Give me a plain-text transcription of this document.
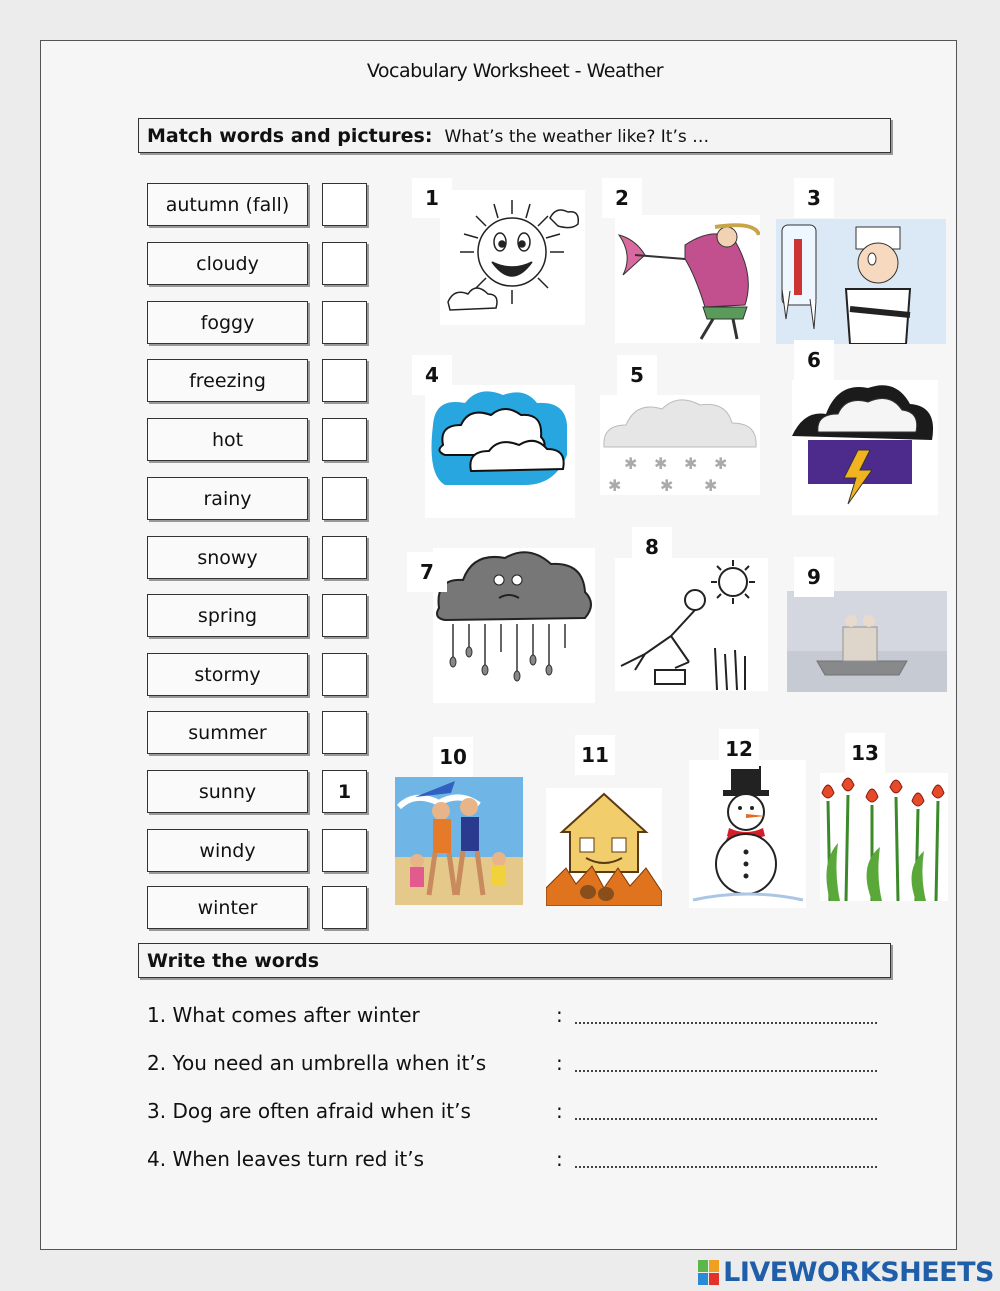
Vocabulary Worksheet - Weather
Match words and pictures: What’s the weather like? It’s …
autumn (fall)
cloudy
foggy
freezing
hot
rainy
snowy
spring
stormy
summer
sunny	1
windy
winter
1	2	3
4
✱ ✱ ✱ ✱
✱ ✱ ✱
5
6
7
8
9
10	11	12	13
Write the words
1. What comes after winter	:
2. You need an umbrella when it’s	:
3. Dog are often afraid when it’s	:
4. When leaves turn red it’s	:
LIVEWORKSHEETS
